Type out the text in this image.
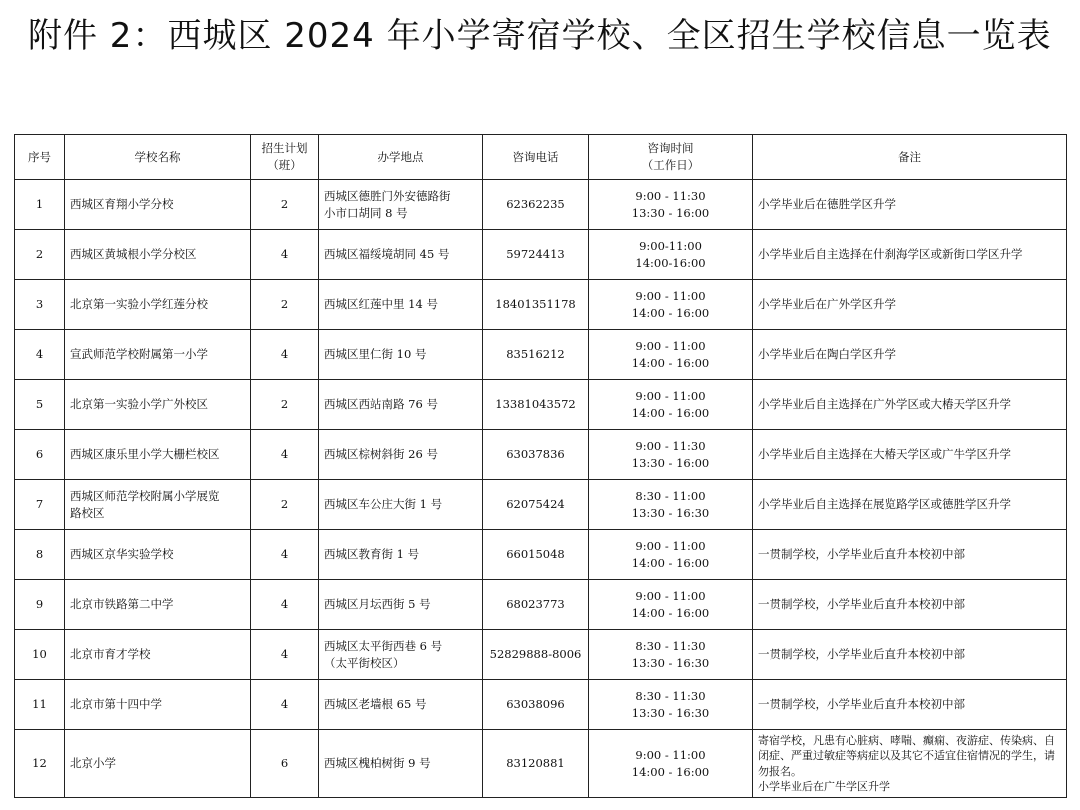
附件 2：西城区 2024 年小学寄宿学校、全区招生学校信息一览表
序号	学校名称	招生计划
（班）	办学地点	咨询电话	咨询时间
（工作日）	备注
1	西城区育翔小学分校	2	西城区德胜门外安德路街
小市口胡同 8 号	62362235	9:00 - 11:30
13:30 - 16:00	小学毕业后在德胜学区升学

2	西城区黄城根小学分校区	4	西城区福绥境胡同 45 号	59724413	9:00-11:00
14:00-16:00	小学毕业后自主选择在什刹海学区或新街口学区升学

3	北京第一实验小学红莲分校	2	西城区红莲中里 14 号	18401351178	9:00 - 11:00
14:00 - 16:00	小学毕业后在广外学区升学

4	宣武师范学校附属第一小学	4	西城区里仁街 10 号	83516212	9:00 - 11:00
14:00 - 16:00	小学毕业后在陶白学区升学

5	北京第一实验小学广外校区	2	西城区西站南路 76 号	13381043572	9:00 - 11:00
14:00 - 16:00	小学毕业后自主选择在广外学区或大椿天学区升学

6	西城区康乐里小学大栅栏校区	4	西城区棕树斜街 26 号	63037836	9:00 - 11:30
13:30 - 16:00	小学毕业后自主选择在大椿天学区或广牛学区升学

7	西城区师范学校附属小学展览
路校区	2	西城区车公庄大街 1 号	62075424	8:30 - 11:00
13:30 - 16:30	小学毕业后自主选择在展览路学区或德胜学区升学

8	西城区京华实验学校	4	西城区教育街 1 号	66015048	9:00 - 11:00
14:00 - 16:00	一贯制学校，小学毕业后直升本校初中部

9	北京市铁路第二中学	4	西城区月坛西街 5 号	68023773	9:00 - 11:00
14:00 - 16:00	一贯制学校，小学毕业后直升本校初中部

10	北京市育才学校	4	西城区太平街西巷 6 号
（太平街校区）	52829888-8006	8:30 - 11:30
13:30 - 16:30	一贯制学校，小学毕业后直升本校初中部

11	北京市第十四中学	4	西城区老墙根 65 号	63038096	8:30 - 11:30
13:30 - 16:30	一贯制学校，小学毕业后直升本校初中部

12	北京小学	6	西城区槐柏树街 9 号	83120881	9:00 - 11:00
14:00 - 16:00	寄宿学校，凡患有心脏病、哮喘、癫痫、夜游症、传染病、自闭症、严重过敏症等病症以及其它不适宜住宿情况的学生，请勿报名。
小学毕业后在广牛学区升学
